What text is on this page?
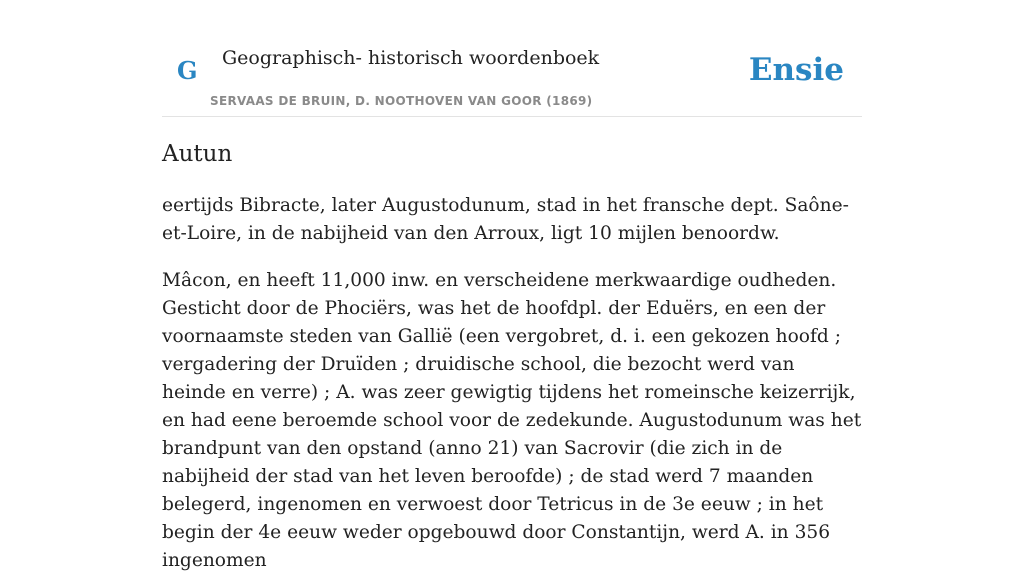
G Geographisch- historisch woordenboek
SERVAAS DE BRUIN, D. NOOTHOVEN VAN GOOR (1869)
Ensie
Autun

eertijds Bibracte, later Augustodunum, stad in het fransche dept. Saône-et-Loire, in de nabijheid van den Arroux, ligt 10 mijlen benoordw.

Mâcon, en heeft 11,000 inw. en verscheidene merkwaardige oudheden. Gesticht door de Phociërs, was het de hoofdpl. der Eduërs, en een der voornaamste steden van Gallië (een vergobret, d. i. een gekozen hoofd ; vergadering der Druïden ; druidische school, die bezocht werd van heinde en verre) ; A. was zeer gewigtig tijdens het romeinsche keizerrijk, en had eene beroemde school voor de zedekunde. Augustodunum was het brandpunt van den opstand (anno 21) van Sacrovir (die zich in de nabijheid der stad van het leven beroofde) ; de stad werd 7 maanden belegerd, ingenomen en verwoest door Tetricus in de 3e eeuw ; in het begin der 4e eeuw weder opgebouwd door Constantijn, werd A. in 356 ingenomen
